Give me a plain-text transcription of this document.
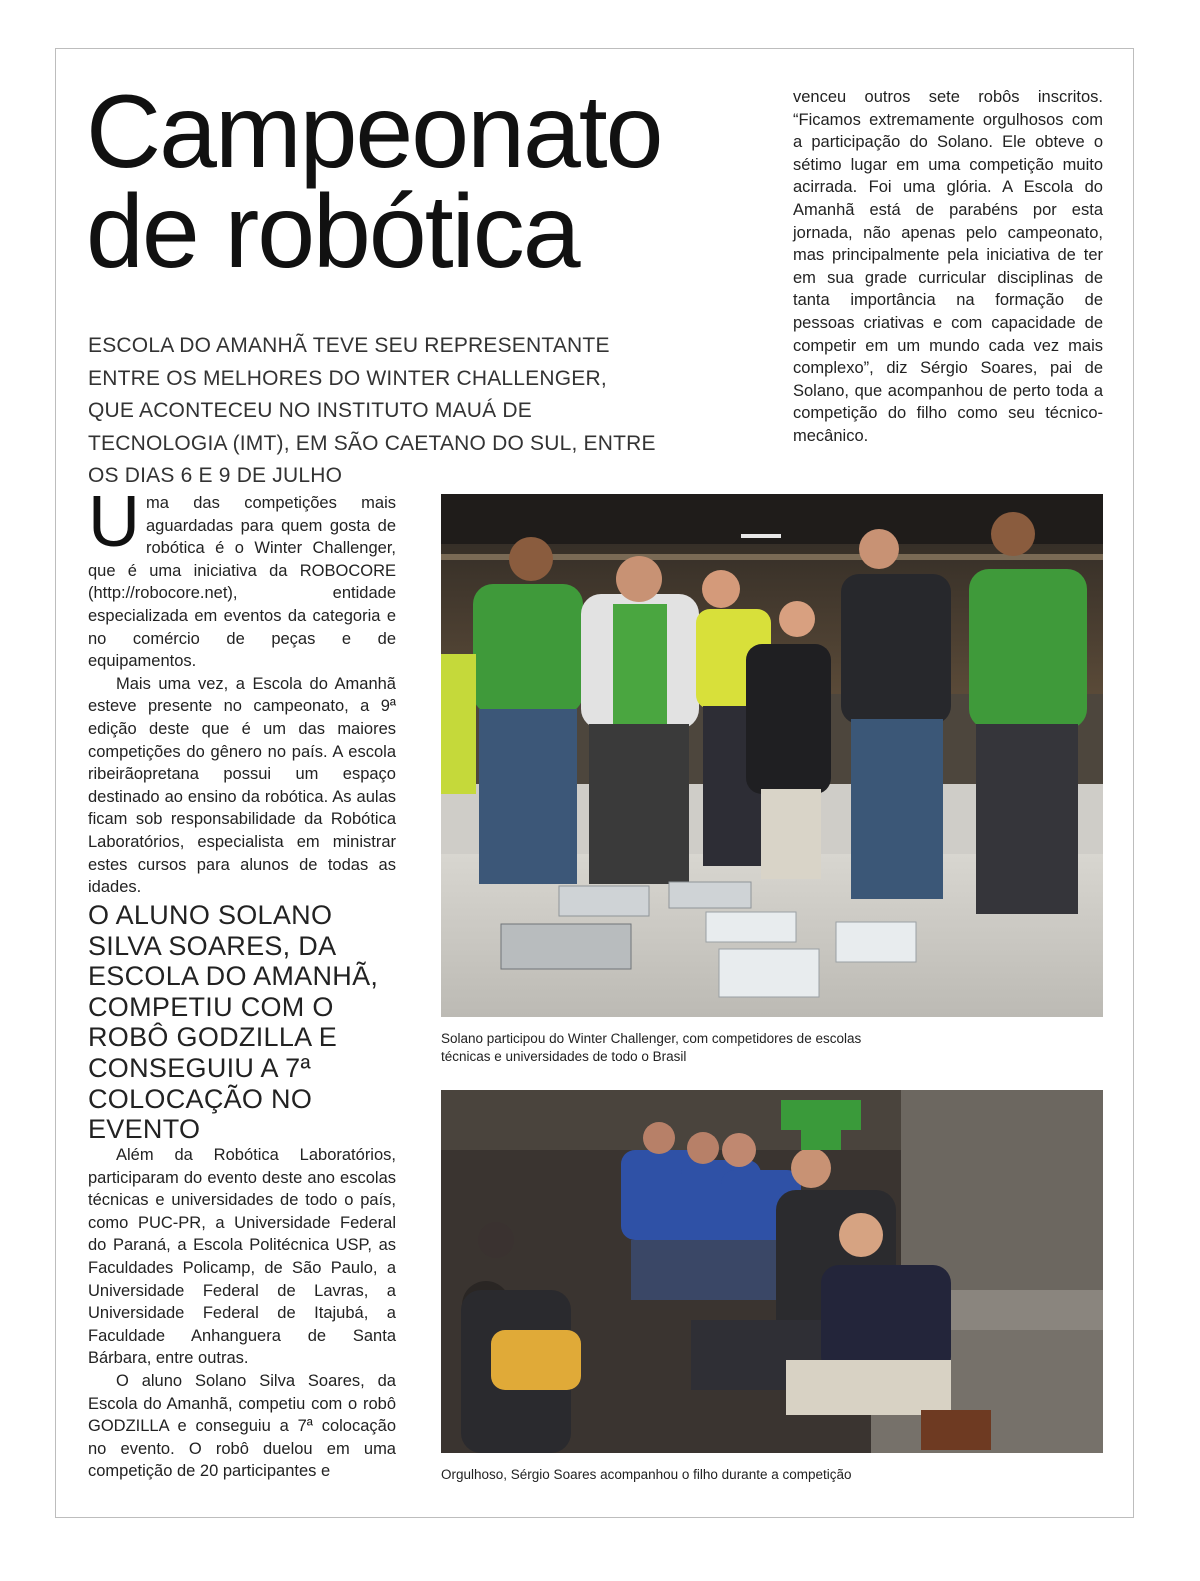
Campeonato
de robótica
ESCOLA DO AMANHÃ TEVE SEU REPRESENTANTE ENTRE OS MELHORES DO WINTER CHALLENGER, QUE ACONTECEU NO INSTITUTO MAUÁ DE TECNOLOGIA (IMT), EM SÃO CAETANO DO SUL, ENTRE OS DIAS 6 E 9 DE JULHO

venceu outros sete robôs inscritos. “Ficamos extremamente orgulhosos com a participação do Solano. Ele obteve o sétimo lugar em uma competição muito acirrada. Foi uma glória. A Escola do Amanhã está de parabéns por esta jornada, não apenas pelo campeonato, mas principalmente pela iniciativa de ter em sua grade curricular disciplinas de tanta importância na formação de pessoas criativas e com capacidade de competir em um mundo cada vez mais complexo”, diz Sérgio Soares, pai de Solano, que acompanhou de perto toda a competição do filho como seu técnico-mecânico.

Uma das competições mais aguardadas para quem gosta de robótica é o Winter Challenger, que é uma iniciativa da ROBOCORE (http://robocore.net), entidade especializada em eventos da categoria e no comércio de peças e de equipamentos.

Mais uma vez, a Escola do Amanhã esteve presente no campeonato, a 9ª edição deste que é um das maiores competições do gênero no país. A escola ribeirãopretana possui um espaço destinado ao ensino da robótica. As aulas ficam sob responsabilidade da Robótica Laboratórios, especialista em ministrar estes cursos para alunos de todas as idades.

O ALUNO SOLANO SILVA SOARES, DA ESCOLA DO AMANHÃ, COMPETIU COM O ROBÔ GODZILLA E CONSEGUIU A 7ª COLOCAÇÃO NO EVENTO

Além da Robótica Laboratórios, participaram do evento deste ano escolas técnicas e universidades de todo o país, como PUC-PR, a Universidade Federal do Paraná, a Escola Politécnica USP, as Faculdades Policamp, de São Paulo, a Universidade Federal de Lavras, a Universidade Federal de Itajubá, a Faculdade Anhanguera de Santa Bárbara, entre outras.

O aluno Solano Silva Soares, da Escola do Amanhã, competiu com o robô GODZILLA e conseguiu a 7ª colocação no evento. O robô duelou em uma competição de 20 participantes e

Solano participou do Winter Challenger, com competidores de escolas técnicas e universidades de todo o Brasil
Orgulhoso, Sérgio Soares acompanhou o filho durante a competição
